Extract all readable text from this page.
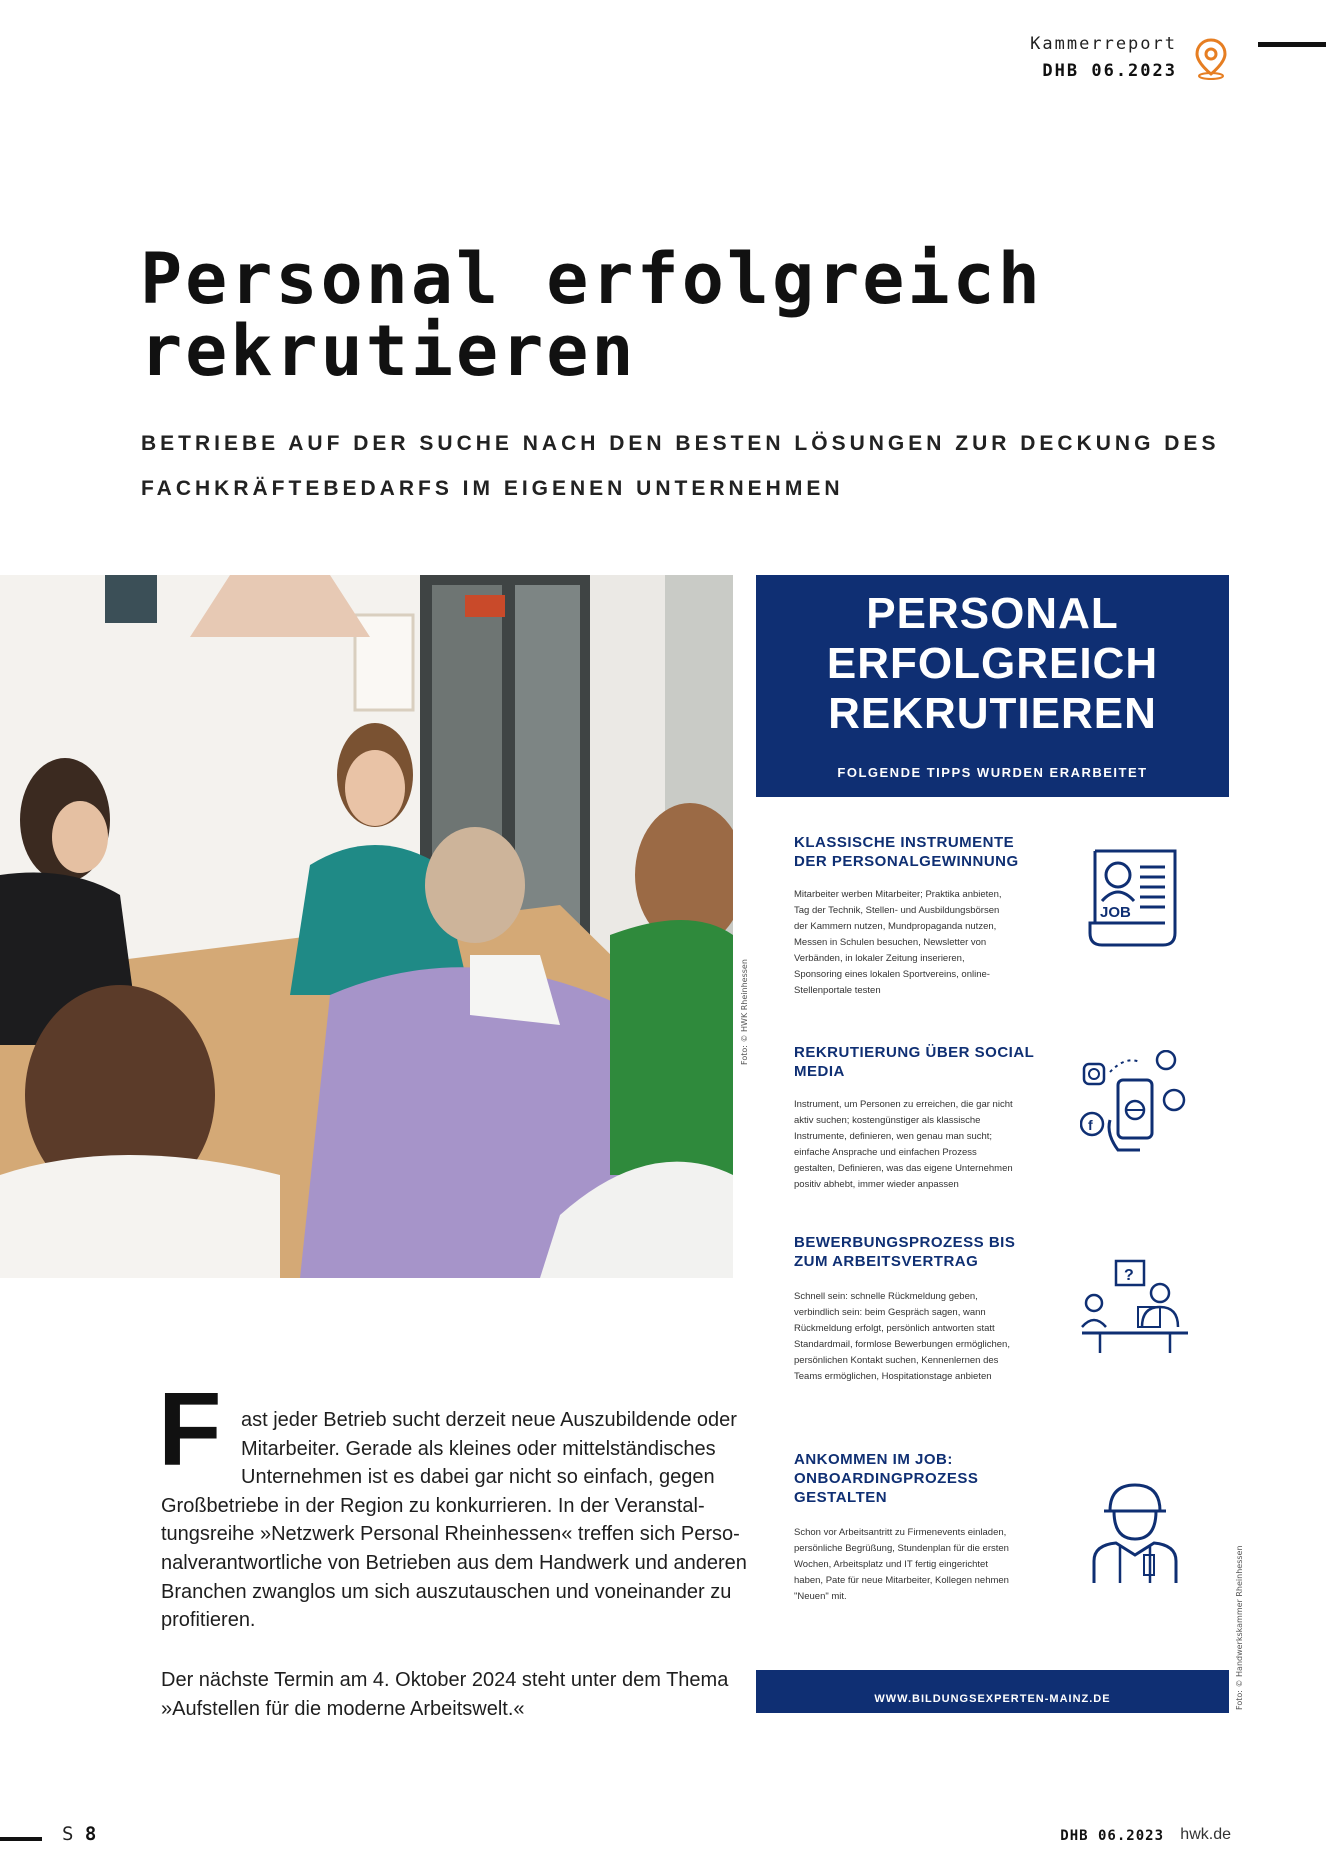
Kammerreport
DHB 06.2023
Personal erfolgreich
rekrutieren
BETRIEBE AUF DER SUCHE NACH DEN BESTEN LÖSUNGEN ZUR DECKUNG DES
FACHKRÄFTEBEDARFS IM EIGENEN UNTERNEHMEN
Foto: © HWK Rheinhessen
PERSONAL
ERFOLGREICH
REKRUTIEREN
FOLGENDE TIPPS WURDEN ERARBEITET
KLASSISCHE INSTRUMENTE
DER PERSONALGEWINNUNG
Mitarbeiter werben Mitarbeiter; Praktika anbieten,
Tag der Technik, Stellen- und Ausbildungsbörsen
der Kammern nutzen, Mundpropaganda nutzen,
Messen in Schulen besuchen, Newsletter von
Verbänden, in lokaler Zeitung inserieren,
Sponsoring eines lokalen Sportvereins, online-
Stellenportale testen
JOB
REKRUTIERUNG ÜBER SOCIAL
MEDIA
Instrument, um Personen zu erreichen, die gar nicht
aktiv suchen; kostengünstiger als klassische
Instrumente, definieren, wen genau man sucht;
einfache Ansprache und einfachen Prozess
gestalten, Definieren, was das eigene Unternehmen
positiv abhebt, immer wieder anpassen
f
BEWERBUNGSPROZESS BIS
ZUM ARBEITSVERTRAG
Schnell sein: schnelle Rückmeldung geben,
verbindlich sein: beim Gespräch sagen, wann
Rückmeldung erfolgt, persönlich antworten statt
Standardmail, formlose Bewerbungen ermöglichen,
persönlichen Kontakt suchen, Kennenlernen des
Teams ermöglichen, Hospitationstage anbieten
?
ANKOMMEN IM JOB:
ONBOARDINGPROZESS
GESTALTEN
Schon vor Arbeitsantritt zu Firmenevents einladen,
persönliche Begrüßung, Stundenplan für die ersten
Wochen, Arbeitsplatz und IT fertig eingerichtet
haben, Pate für neue Mitarbeiter, Kollegen nehmen
"Neuen" mit.
WWW.BILDUNGSEXPERTEN-MAINZ.DE	Foto: © Handwerkskammer Rheinhessen
F ast jeder Betrieb sucht derzeit neue Auszubildende oder
Mitarbeiter. Gerade als kleines oder mittelständisches
Unternehmen ist es dabei gar nicht so einfach, gegen
Großbetriebe in der Region zu konkurrieren. In der Veranstal-
tungsreihe »Netzwerk Personal Rheinhessen« treffen sich Perso-
nalverantwortliche von Betrieben aus dem Handwerk und anderen
Branchen zwanglos um sich auszutauschen und voneinander zu
profitieren.
Der nächste Termin am 4. Oktober 2024 steht unter dem Thema
»Aufstellen für die moderne Arbeitswelt.«
S 8	DHB 06.2023 hwk.de
